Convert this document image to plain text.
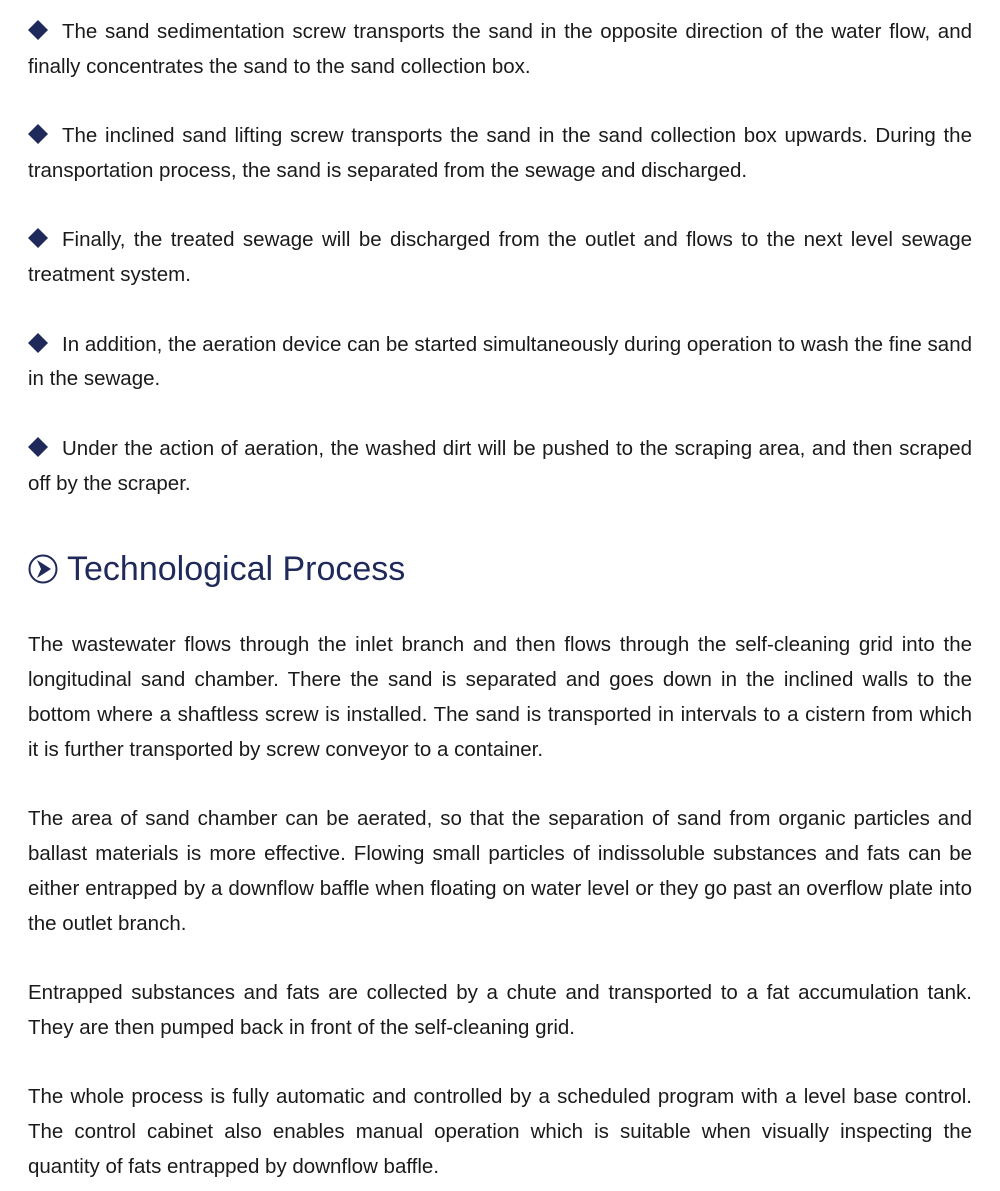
The sand sedimentation screw transports the sand in the opposite direction of the water flow, and finally concentrates the sand to the sand collection box.
The inclined sand lifting screw transports the sand in the sand collection box upwards. During the transportation process, the sand is separated from the sewage and discharged.
Finally, the treated sewage will be discharged from the outlet and flows to the next level sewage treatment system.
In addition, the aeration device can be started simultaneously during operation to wash the fine sand in the sewage.
Under the action of aeration, the washed dirt will be pushed to the scraping area, and then scraped off by the scraper.
Technological Process

The wastewater flows through the inlet branch and then flows through the self-cleaning grid into the longitudinal sand chamber. There the sand is separated and goes down in the inclined walls to the bottom where a shaftless screw is installed. The sand is transported in intervals to a cistern from which it is further transported by screw conveyor to a container.

The area of sand chamber can be aerated, so that the separation of sand from organic particles and ballast materials is more effective. Flowing small particles of indissoluble substances and fats can be either entrapped by a downflow baffle when floating on water level or they go past an overflow plate into the outlet branch.

Entrapped substances and fats are collected by a chute and transported to a fat accumulation tank. They are then pumped back in front of the self-cleaning grid.

The whole process is fully automatic and controlled by a scheduled program with a level base control. The control cabinet also enables manual operation which is suitable when visually inspecting the quantity of fats entrapped by downflow baffle.
